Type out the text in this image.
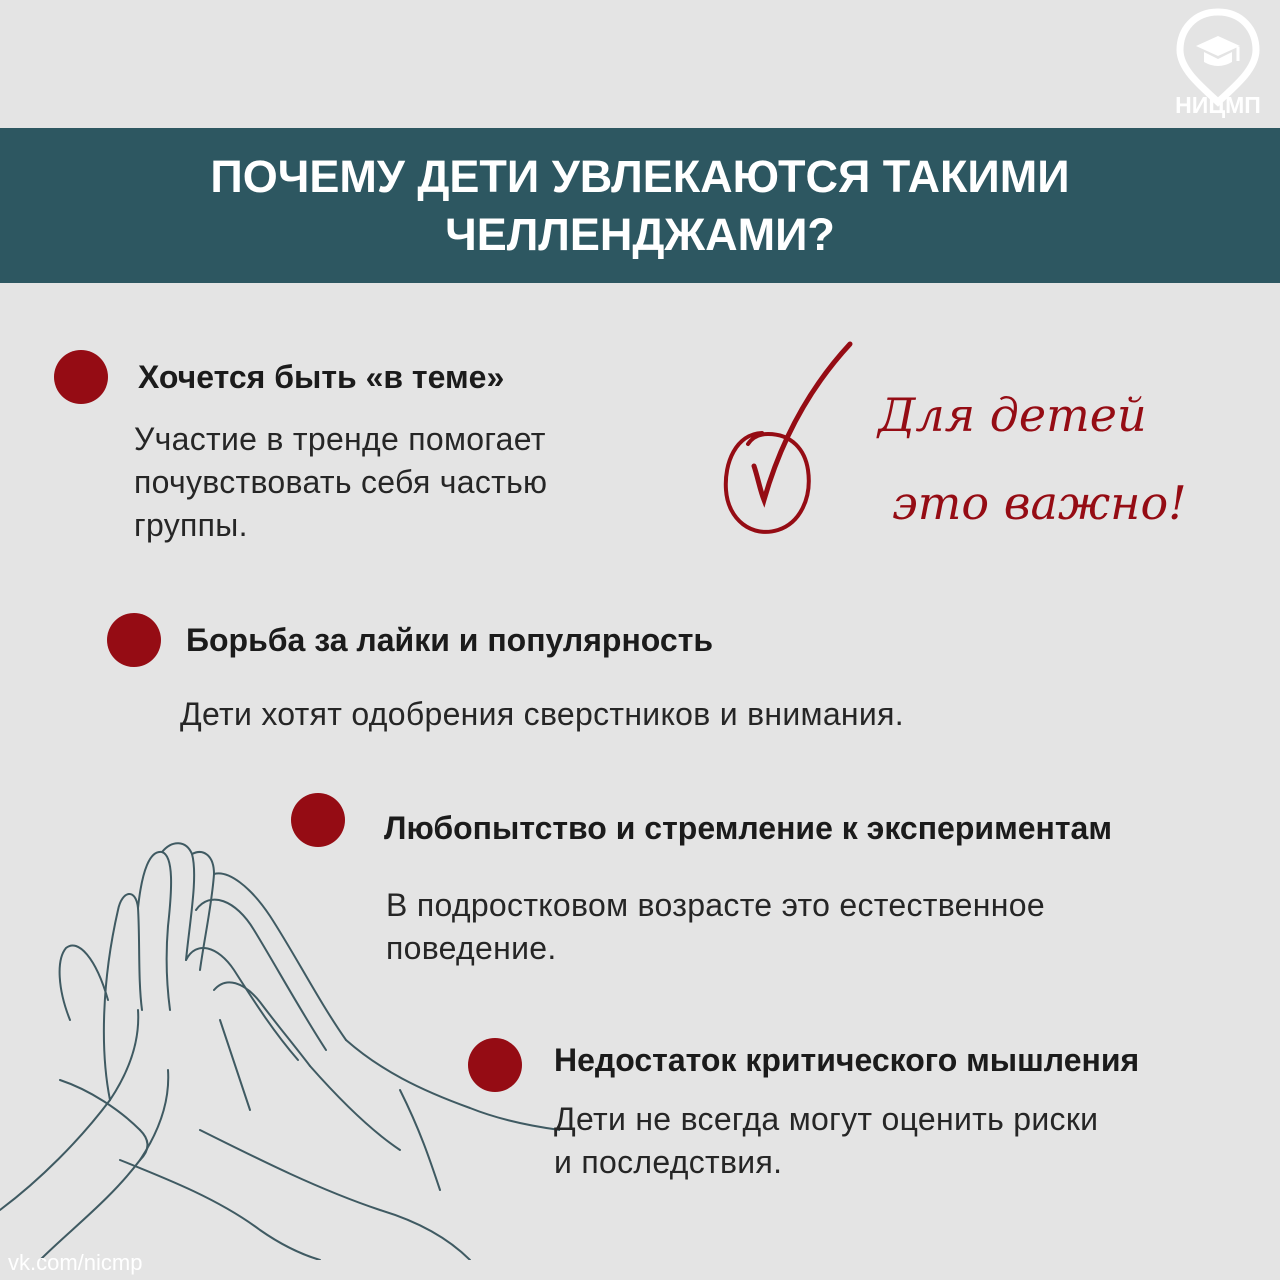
НИЦМП
ПОЧЕМУ ДЕТИ УВЛЕКАЮТСЯ ТАКИМИ
ЧЕЛЛЕНДЖАМИ?
Хочется быть «в теме»
Участие в тренде помогает
почувствовать себя частью
группы.
Для детей
это важно!
Борьба за лайки и популярность
Дети хотят одобрения сверстников и внимания.
Любопытство и стремление к экспериментам
В подростковом возрасте это естественное
поведение.
Недостаток критического мышления
Дети не всегда могут оценить риски
и последствия.
vk.com/nicmp
